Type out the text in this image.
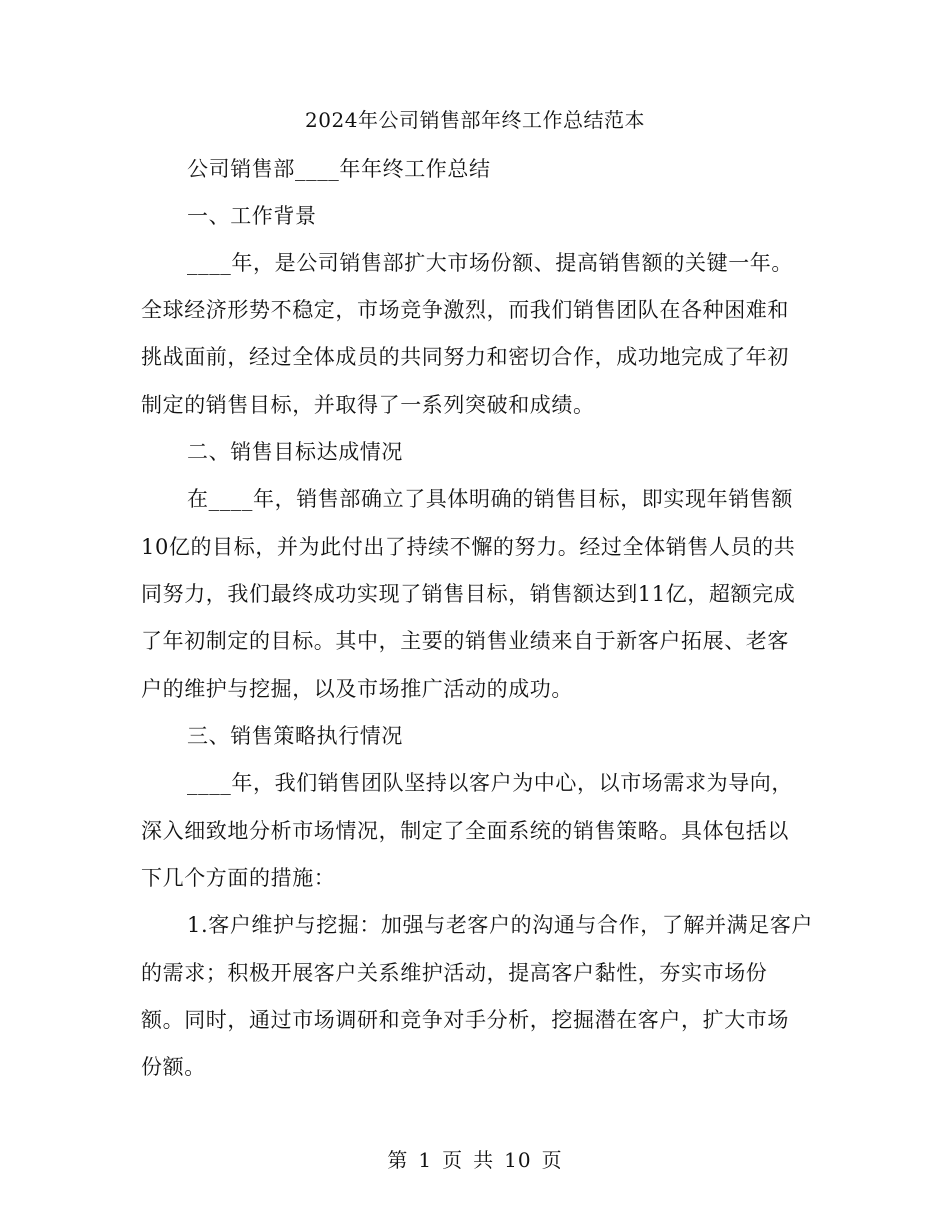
2024年公司销售部年终工作总结范本
公司销售部____年年终工作总结
一、工作背景
____年，是公司销售部扩大市场份额、提高销售额的关键一年。
全球经济形势不稳定，市场竞争激烈，而我们销售团队在各种困难和
挑战面前，经过全体成员的共同努力和密切合作，成功地完成了年初
制定的销售目标，并取得了一系列突破和成绩。
二、销售目标达成情况
在____年，销售部确立了具体明确的销售目标，即实现年销售额
10亿的目标，并为此付出了持续不懈的努力。经过全体销售人员的共
同努力，我们最终成功实现了销售目标，销售额达到11亿，超额完成
了年初制定的目标。其中，主要的销售业绩来自于新客户拓展、老客
户的维护与挖掘，以及市场推广活动的成功。
三、销售策略执行情况
____年，我们销售团队坚持以客户为中心，以市场需求为导向，
深入细致地分析市场情况，制定了全面系统的销售策略。具体包括以
下几个方面的措施：
1.客户维护与挖掘：加强与老客户的沟通与合作，了解并满足客户
的需求；积极开展客户关系维护活动，提高客户黏性，夯实市场份
额。同时，通过市场调研和竞争对手分析，挖掘潜在客户，扩大市场
份额。
第 1 页 共 10 页
